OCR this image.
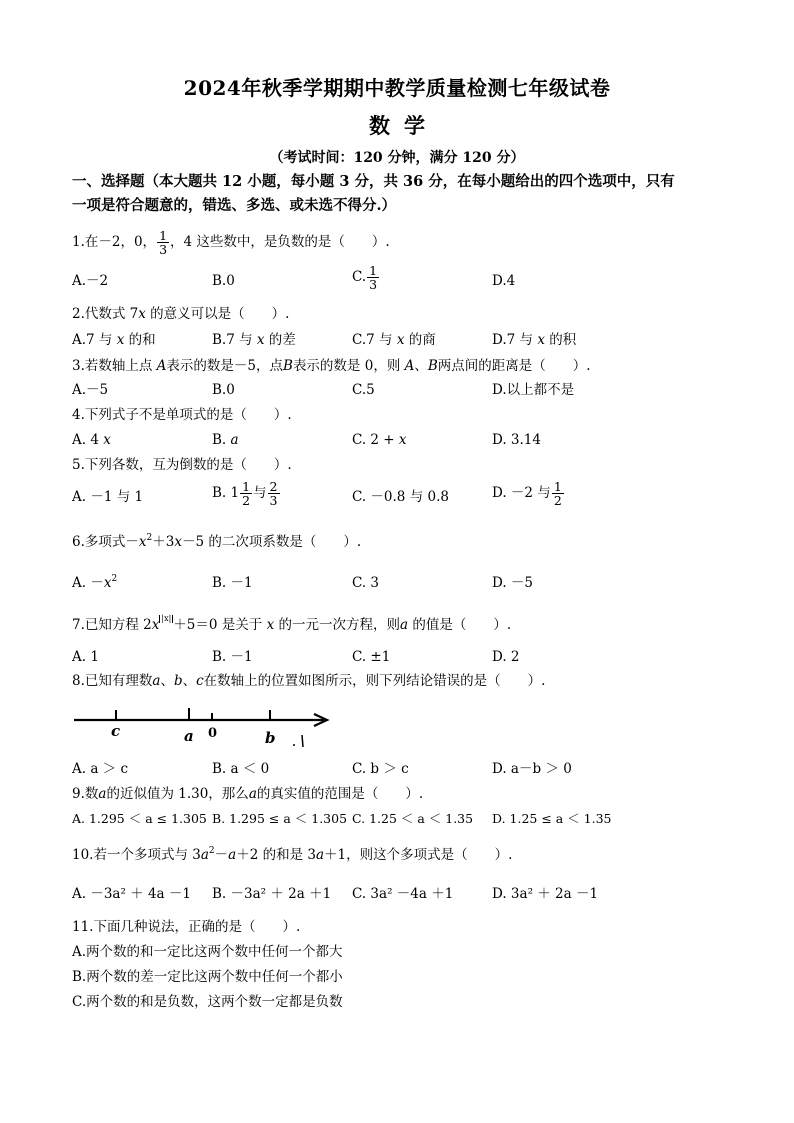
2024年秋季学期期中教学质量检测七年级试卷
数学
（考试时间：120 分钟，满分 120 分）
一、选择题（本大题共 12 小题，每小题 3 分，共 36 分，在每小题给出的四个选项中，只有
一项是符合题意的，错选、多选、或未选不得分.）
1.在－2，0， $\frac{1}{3}$ ，4 这些数中，是负数的是（　　）.
A.－2	B.0	C. $\frac{1}{3}$	D.4
2.代数式 7x 的意义可以是（　　）.
A.7 与 x 的和	B.7 与 x 的差	C.7 与 x 的商	D.7 与 x 的积
3.若数轴上点 A表示的数是－5，点B表示的数是 0，则 A、B两点间的距离是（　　）.
A.－5	B.0	C.5	D.以上都不是
4.下列式子不是单项式的是（　　）.
A. 4 x	B. a	C. 2 + x	D. 3.14
5.下列各数，互为倒数的是（　　）.
A. －1 与 1	B. $1 \frac{1}{2}$ 与 $\frac{2}{3}$	C. －0.8 与 0.8	D. －2 与 $\frac{1}{2}$
6.多项式$-x^2+3x-5$ 的二次项系数是（　　）.
A. $-x^2$	B. －1	C. 3	D. －5
7.已知方程 2x |x| ＋5＝0 是关于 x 的一元一次方程，则a 的值是（　　）.
A. 1	B. －1	C. ±1	D. 2
8.已知有理数a、b、c在数轴上的位置如图所示，则下列结论错误的是（　　）.
c	a 0	b
A. a ＞ c	B. a ＜ 0	C. b ＞ c	D. a－b ＞ 0
9.数a的近似值为 1.30，那么a的真实值的范围是（　　）.
A. 1.295 ＜ a ≤ 1.305 B. 1.295 ≤ a ＜ 1.305 C. 1.25 ＜ a ＜ 1.35 D. 1.25 ≤ a ＜ 1.35
10.若一个多项式与 $3a^2-a+2$ 的和是 3a＋1，则这个多项式是（　　）.
A. －3a² ＋ 4a －1 B. －3a² ＋ 2a ＋1 C. 3a² －4a ＋1	D. 3a² ＋ 2a －1
11.下面几种说法，正确的是（　　）.
A.两个数的和一定比这两个数中任何一个都大
B.两个数的差一定比这两个数中任何一个都小
C.两个数的和是负数，这两个数一定都是负数
